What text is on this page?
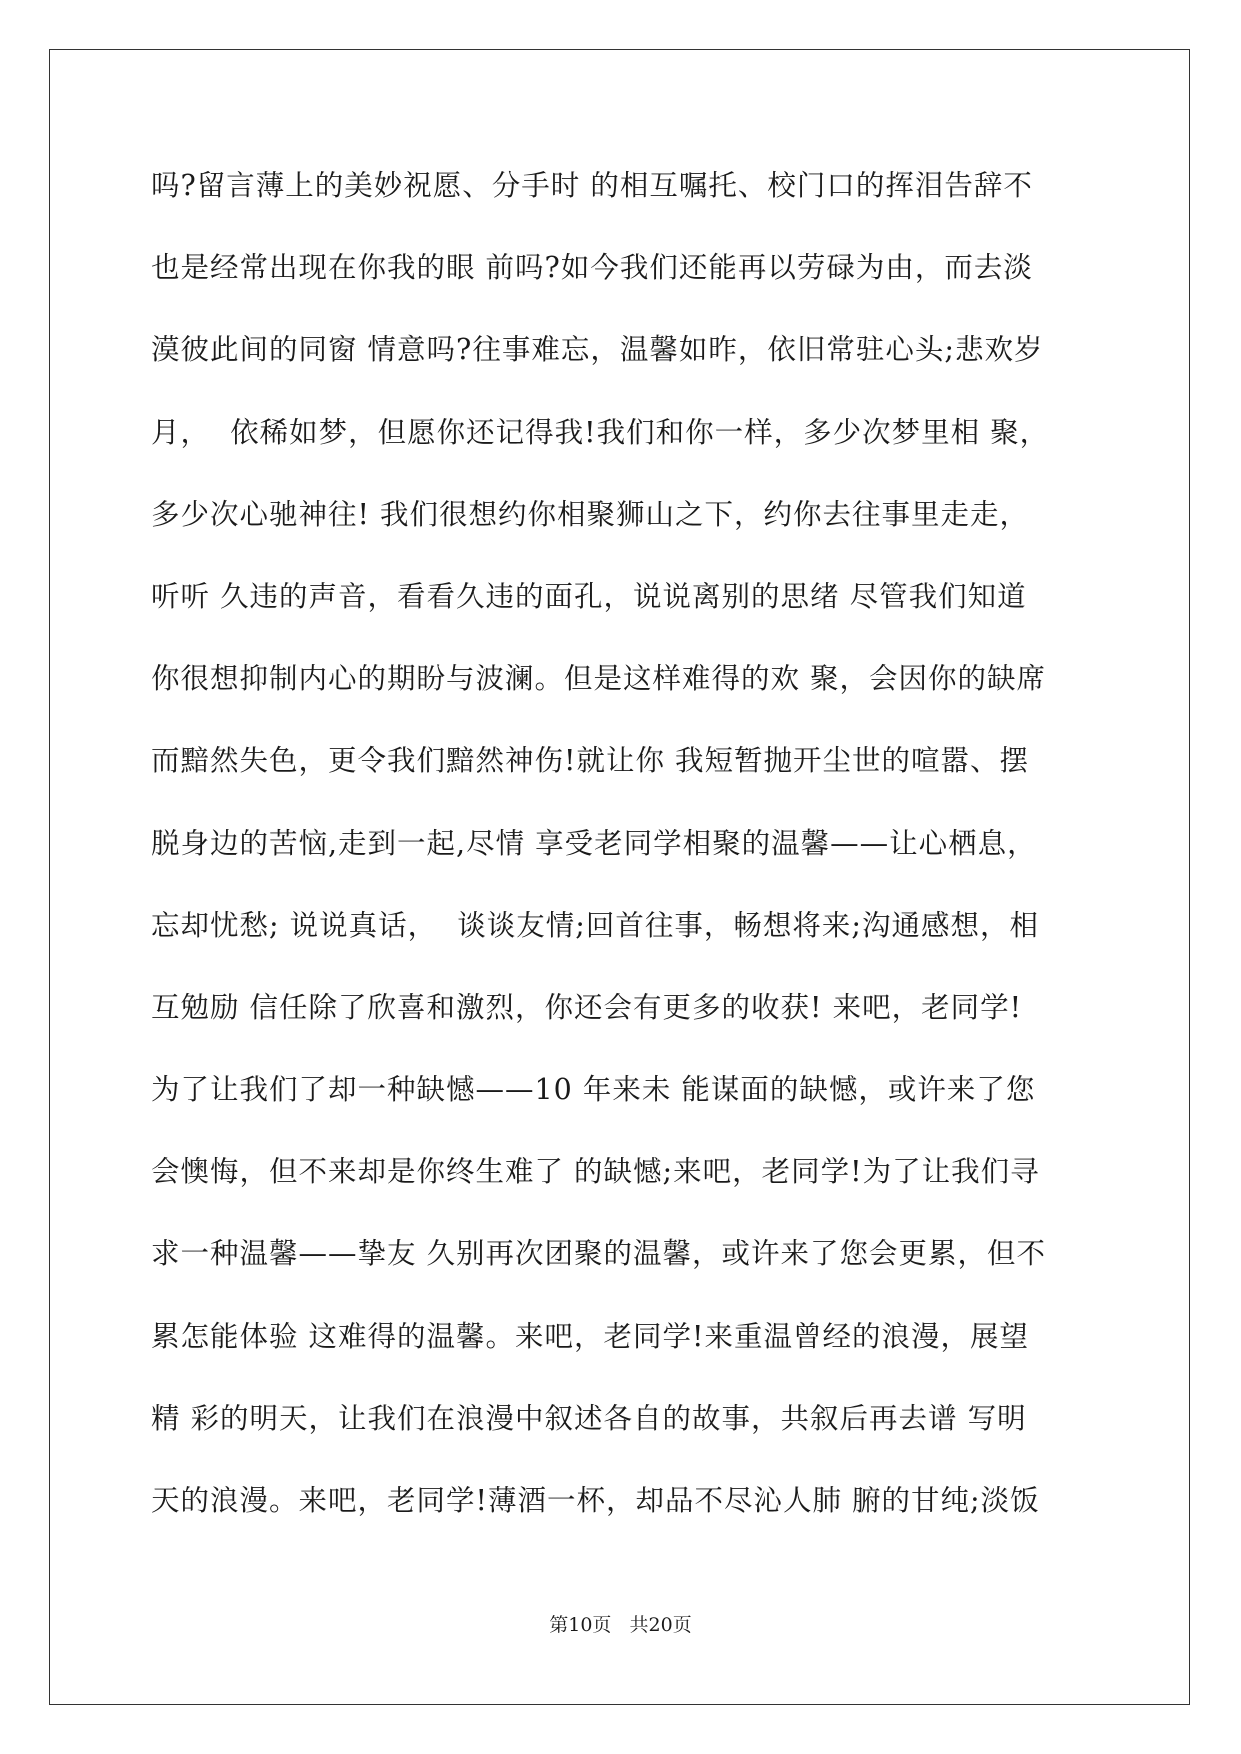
吗?留言薄上的美妙祝愿、分手时 的相互嘱托、校门口的挥泪告辞不
也是经常出现在你我的眼 前吗?如今我们还能再以劳碌为由，而去淡
漠彼此间的同窗 情意吗?往事难忘，温馨如昨，依旧常驻心头;悲欢岁
月，  依稀如梦，但愿你还记得我!我们和你一样，多少次梦里相 聚，
多少次心驰神往! 我们很想约你相聚狮山之下，约你去往事里走走，
听听 久违的声音，看看久违的面孔，说说离别的思绪 尽管我们知道
你很想抑制内心的期盼与波澜。但是这样难得的欢 聚，会因你的缺席
而黯然失色，更令我们黯然神伤!就让你 我短暂抛开尘世的喧嚣、摆
脱身边的苦恼,走到一起,尽情 享受老同学相聚的温馨——让心栖息，
忘却忧愁; 说说真话，  谈谈友情;回首往事，畅想将来;沟通感想，相
互勉励 信任除了欣喜和激烈，你还会有更多的收获! 来吧，老同学!
为了让我们了却一种缺憾——10 年来未 能谋面的缺憾，或许来了您
会懊悔，但不来却是你终生难了 的缺憾;来吧，老同学!为了让我们寻
求一种温馨——挚友 久别再次团聚的温馨，或许来了您会更累，但不
累怎能体验 这难得的温馨。来吧，老同学!来重温曾经的浪漫，展望
精 彩的明天，让我们在浪漫中叙述各自的故事，共叙后再去谱 写明
天的浪漫。来吧，老同学!薄酒一杯，却品不尽沁人肺 腑的甘纯;淡饭
第10页   共20页
